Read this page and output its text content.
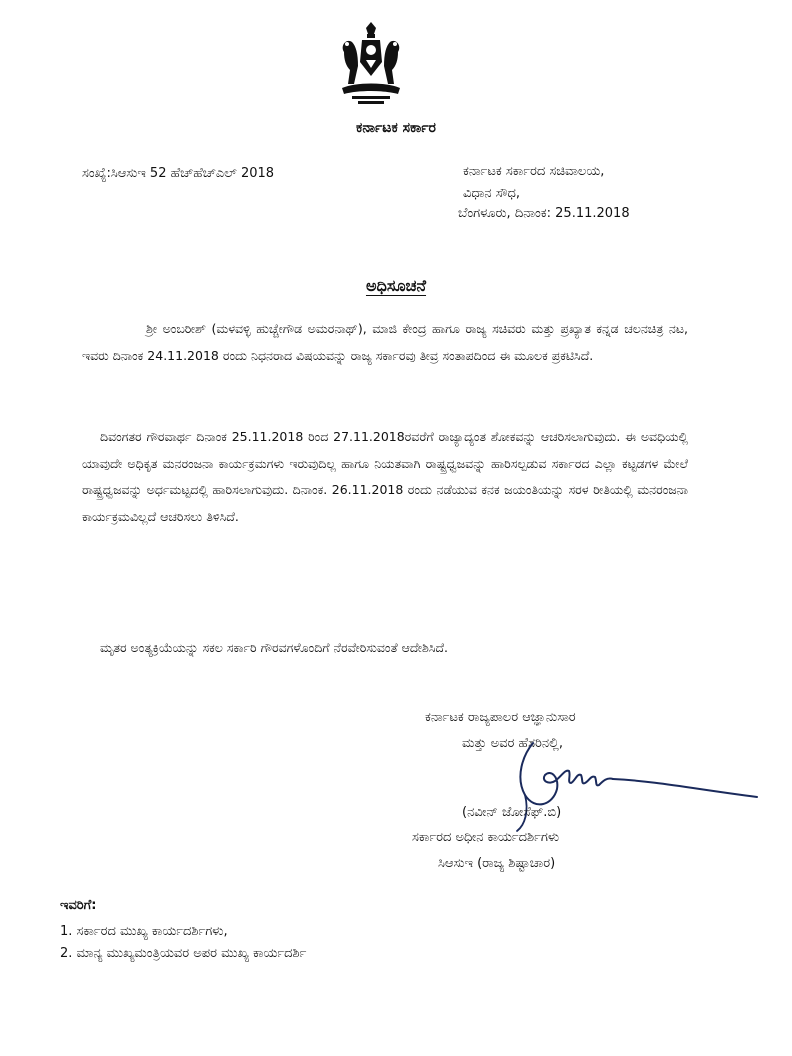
ಕರ್ನಾಟಕ ಸರ್ಕಾರ
ಸಂಖ್ಯೆ:ಸಿಆಸುಇ 52 ಹೆಚ್‌ಹೆಚ್‌ಎಲ್ 2018	ಕರ್ನಾಟಕ ಸರ್ಕಾರದ ಸಚಿವಾಲಯ,
ವಿಧಾನ ಸೌಧ,
ಬೆಂಗಳೂರು, ದಿನಾಂಕ: 25.11.2018
ಅಧಿಸೂಚನೆ
ಶ್ರೀ ಅಂಬರೀಶ್ (ಮಳವಳ್ಳಿ ಹುಚ್ಚೇಗೌಡ ಅಮರನಾಥ್), ಮಾಜಿ ಕೇಂದ್ರ ಹಾಗೂ ರಾಜ್ಯ ಸಚಿವರು ಮತ್ತು ಪ್ರಖ್ಯಾತ ಕನ್ನಡ ಚಲನಚಿತ್ರ ನಟ, ಇವರು ದಿನಾಂಕ 24.11.2018 ರಂದು ನಿಧನರಾದ ವಿಷಯವನ್ನು ರಾಜ್ಯ ಸರ್ಕಾರವು ತೀವ್ರ ಸಂತಾಪದಿಂದ ಈ ಮೂಲಕ ಪ್ರಕಟಿಸಿದೆ.
ದಿವಂಗತರ ಗೌರವಾರ್ಥ ದಿನಾಂಕ 25.11.2018 ರಿಂದ 27.11.2018ರವರೆಗೆ ರಾಜ್ಯಾದ್ಯಂತ ಶೋಕವನ್ನು ಆಚರಿಸಲಾಗುವುದು. ಈ ಅವಧಿಯಲ್ಲಿ ಯಾವುದೇ ಅಧಿಕೃತ ಮನರಂಜನಾ ಕಾರ್ಯಕ್ರಮಗಳು ಇರುವುದಿಲ್ಲ ಹಾಗೂ ನಿಯತವಾಗಿ ರಾಷ್ಟ್ರಧ್ವಜವನ್ನು ಹಾರಿಸಲ್ಪಡುವ ಸರ್ಕಾರದ ಎಲ್ಲಾ ಕಟ್ಟಡಗಳ ಮೇಲೆ ರಾಷ್ಟ್ರಧ್ವಜವನ್ನು ಅರ್ಧಮಟ್ಟದಲ್ಲಿ ಹಾರಿಸಲಾಗುವುದು. ದಿನಾಂಕ. 26.11.2018 ರಂದು ನಡೆಯುವ ಕನಕ ಜಯಂತಿಯನ್ನು ಸರಳ ರೀತಿಯಲ್ಲಿ ಮನರಂಜನಾ ಕಾರ್ಯಕ್ರಮವಿಲ್ಲದೆ ಆಚರಿಸಲು ತಿಳಿಸಿದೆ.
ಮೃತರ ಅಂತ್ಯಕ್ರಿಯೆಯನ್ನು ಸಕಲ ಸರ್ಕಾರಿ ಗೌರವಗಳೊಂದಿಗೆ ನೆರವೇರಿಸುವಂತೆ ಆದೇಶಿಸಿದೆ.
ಕರ್ನಾಟಕ ರಾಜ್ಯಪಾಲರ ಆಜ್ಞಾನುಸಾರ
ಮತ್ತು ಅವರ ಹೆಸರಿನಲ್ಲಿ,
(ನವೀನ್ ಜೋಸೆಫ್.ಬಿ)
ಸರ್ಕಾರದ ಅಧೀನ ಕಾರ್ಯದರ್ಶಿಗಳು
ಸಿಆಸುಇ (ರಾಜ್ಯ ಶಿಷ್ಟಾಚಾರ)
ಇವರಿಗೆ:
1. ಸರ್ಕಾರದ ಮುಖ್ಯ ಕಾರ್ಯದರ್ಶಿಗಳು,
2. ಮಾನ್ಯ ಮುಖ್ಯಮಂತ್ರಿಯವರ ಅಪರ ಮುಖ್ಯ ಕಾರ್ಯದರ್ಶಿ
